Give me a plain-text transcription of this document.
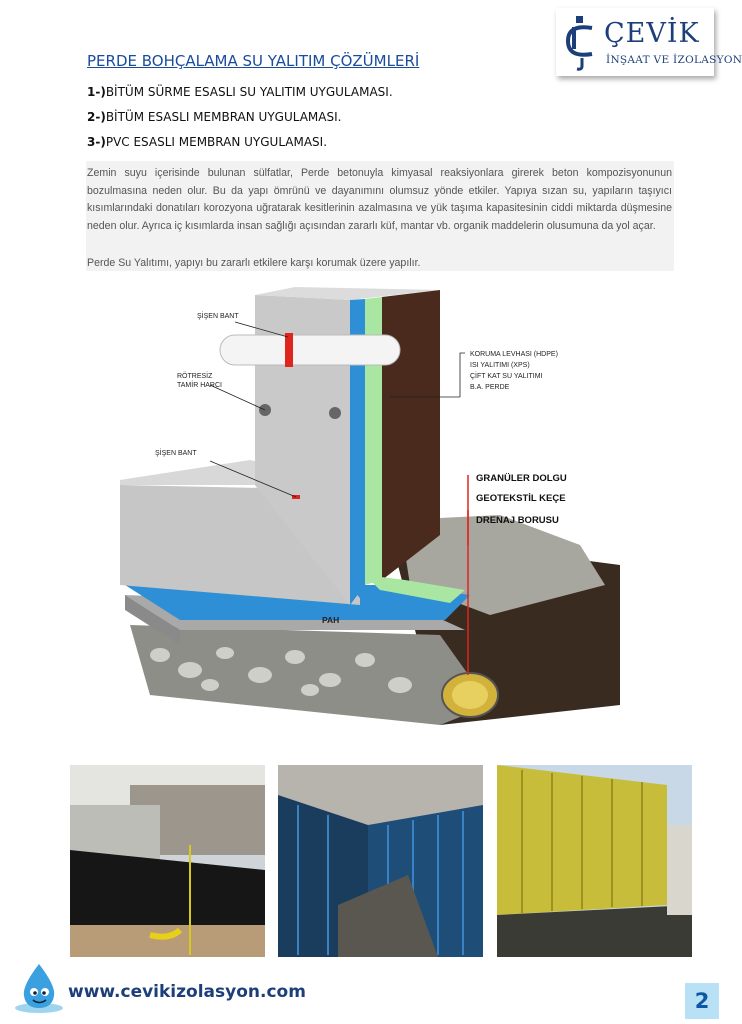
ÇEVİK
İNŞAAT VE İZOLASYON
PERDE BOHÇALAMA SU YALITIM ÇÖZÜMLERİ
1-)BİTÜM SÜRME ESASLI SU YALITIM UYGULAMASI.
2-)BİTÜM ESASLI MEMBRAN UYGULAMASI.
3-)PVC ESASLI MEMBRAN UYGULAMASI.
Zemin suyu içerisinde bulunan sülfatlar, Perde betonuyla kimyasal reaksiyonlara girerek beton kompozisyonunun bozulmasına neden olur. Bu da yapı ömrünü ve dayanımını olumsuz yönde etkiler. Yapıya sızan su, yapıların taşıyıcı kısımlarındaki donatıları korozyona uğratarak kesitlerinin azalmasına ve yük taşıma kapasitesinin ciddi miktarda düşmesine neden olur. Ayrıca iç kısımlarda insan sağlığı açısından zararlı küf, mantar vb. organik maddelerin olusumuna da yol açar.
Perde Su Yalıtımı, yapıyı bu zararlı etkilere karşı korumak üzere yapılır.
ŞİŞEN BANT
RÖTRESİZ
TAMİR HARCI
ŞİŞEN BANT
KORUMA LEVHASI (HDPE)
ISI YALITIMI (XPS)
ÇİFT KAT SU YALITIMI
B.A. PERDE
GRANÜLER DOLGU
GEOTEKSTİL KEÇE
DRENAJ BORUSU
PAH
www.cevikizolasyon.com	2
